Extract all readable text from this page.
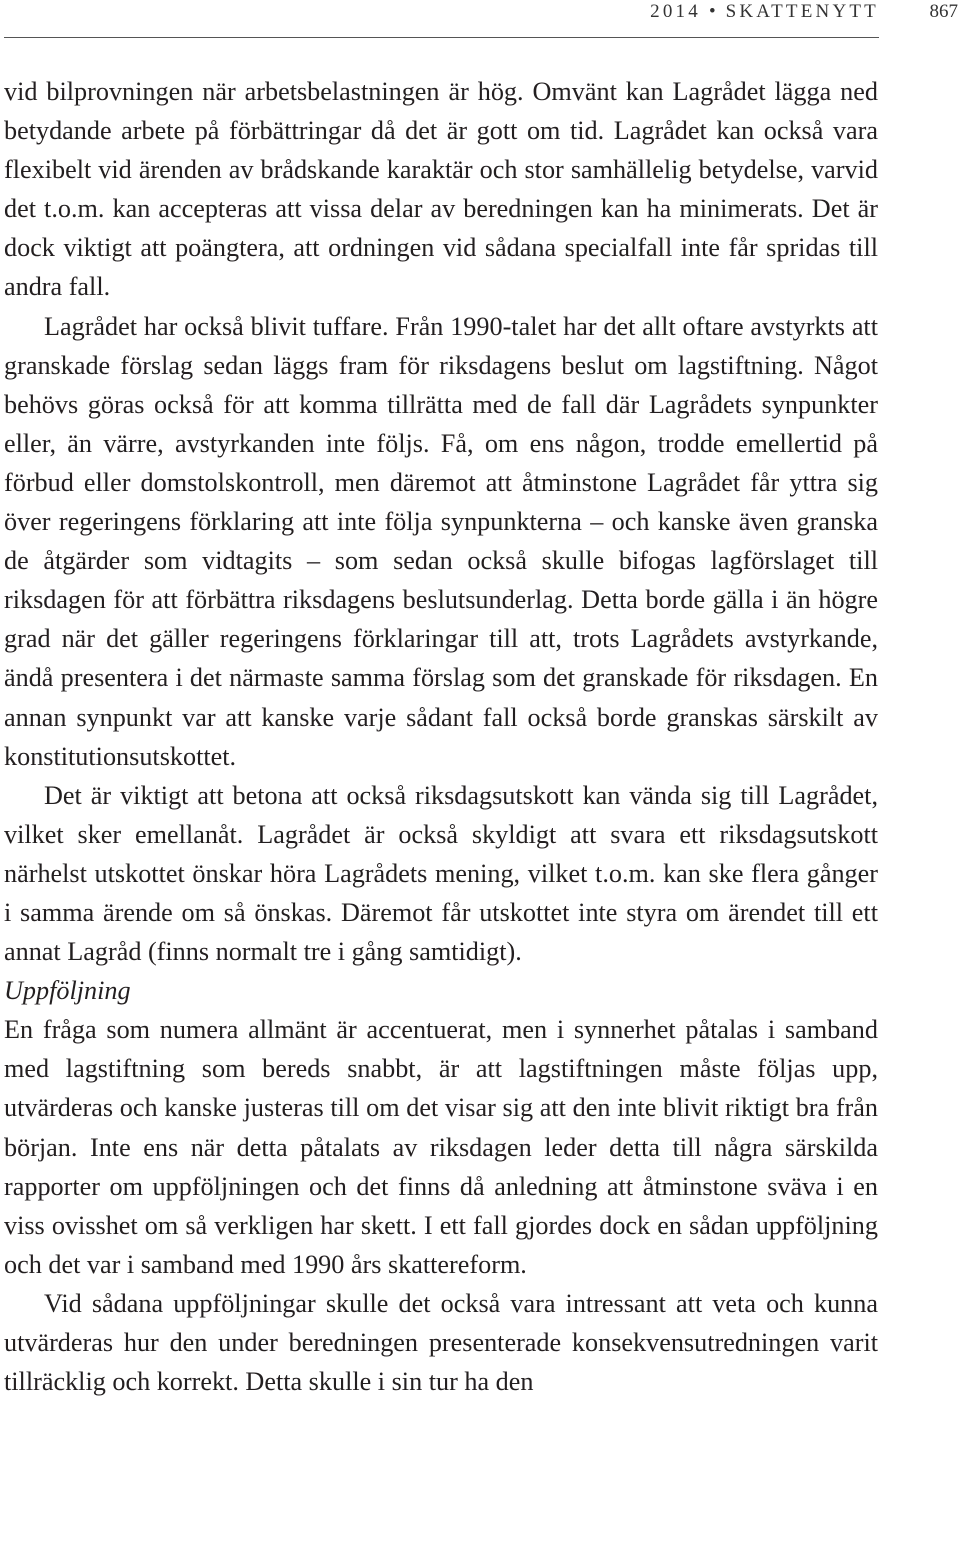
2014 • SKATTENYTT	867

vid bilprovningen när arbetsbelastningen är hög. Omvänt kan Lagrådet lägga ned betydande arbete på förbättringar då det är gott om tid. Lagrådet kan också vara flexibelt vid ärenden av brådskande karaktär och stor samhällelig betydelse, varvid det t.o.m. kan accepteras att vissa delar av beredningen kan ha minimerats. Det är dock viktigt att poängtera, att ordningen vid sådana specialfall inte får spridas till andra fall.

Lagrådet har också blivit tuffare. Från 1990-talet har det allt oftare avstyrkts att granskade förslag sedan läggs fram för riksdagens beslut om lagstiftning. Något behövs göras också för att komma tillrätta med de fall där Lagrådets synpunkter eller, än värre, avstyrkanden inte följs. Få, om ens någon, trodde emellertid på förbud eller domstolskontroll, men däremot att åtminstone Lagrådet får yttra sig över regeringens förklaring att inte följa synpunkterna – och kanske även granska de åtgärder som vidtagits – som sedan också skulle bifogas lagförslaget till riksdagen för att förbättra riksdagens beslutsunderlag. Detta borde gälla i än högre grad när det gäller regeringens förklaringar till att, trots Lagrådets avstyrkande, ändå presentera i det närmaste samma förslag som det granskade för riksdagen. En annan synpunkt var att kanske varje sådant fall också borde granskas särskilt av konstitutionsutskottet.

Det är viktigt att betona att också riksdagsutskott kan vända sig till Lagrådet, vilket sker emellanåt. Lagrådet är också skyldigt att svara ett riksdagsutskott närhelst utskottet önskar höra Lagrådets mening, vilket t.o.m. kan ske flera gånger i samma ärende om så önskas. Däremot får utskottet inte styra om ärendet till ett annat Lagråd (finns normalt tre i gång samtidigt).

Uppföljning

En fråga som numera allmänt är accentuerat, men i synnerhet påtalas i samband med lagstiftning som bereds snabbt, är att lagstiftningen måste följas upp, utvärderas och kanske justeras till om det visar sig att den inte blivit riktigt bra från början. Inte ens när detta påtalats av riksdagen leder detta till några särskilda rapporter om uppföljningen och det finns då anledning att åtminstone sväva i en viss ovisshet om så verkligen har skett. I ett fall gjordes dock en sådan uppföljning och det var i samband med 1990 års skattereform.

Vid sådana uppföljningar skulle det också vara intressant att veta och kunna utvärderas hur den under beredningen presenterade konsekvensutredningen varit tillräcklig och korrekt. Detta skulle i sin tur ha den
